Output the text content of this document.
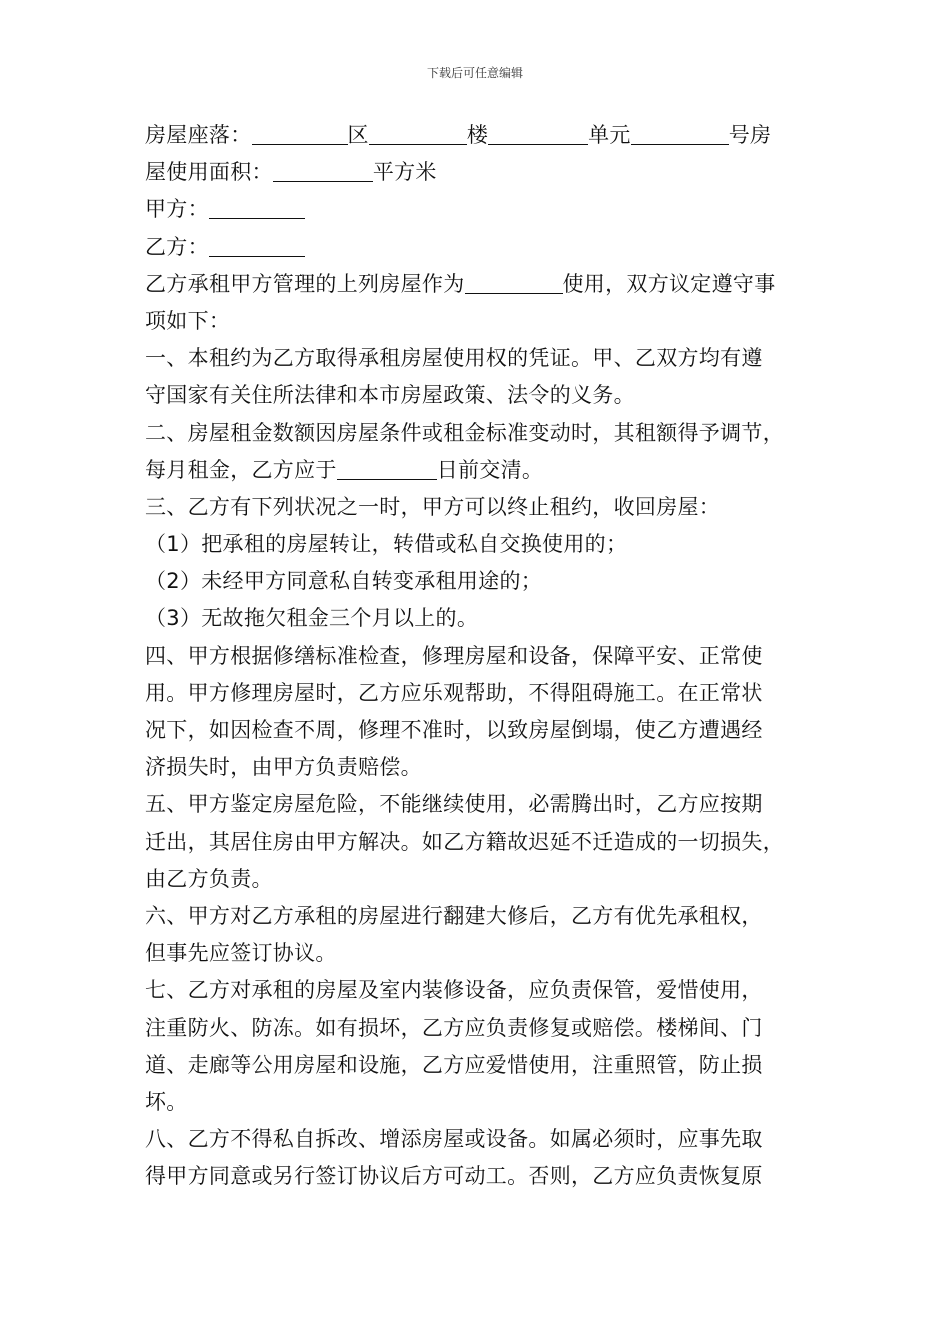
下载后可任意编辑
房屋座落：	区	楼	单元	号房
屋使用面积：	平方米
甲方：
乙方：
乙方承租甲方管理的上列房屋作为	使用，双方议定遵守事
项如下：
一、本租约为乙方取得承租房屋使用权的凭证。甲、乙双方均有遵
守国家有关住所法律和本市房屋政策、法令的义务。
二、房屋租金数额因房屋条件或租金标准变动时，其租额得予调节，
每月租金，乙方应于	日前交清。
三、乙方有下列状况之一时，甲方可以终止租约，收回房屋：
（1）把承租的房屋转让，转借或私自交换使用的；
（2）未经甲方同意私自转变承租用途的；
（3）无故拖欠租金三个月以上的。
四、甲方根据修缮标准检查，修理房屋和设备，保障平安、正常使
用。甲方修理房屋时，乙方应乐观帮助，不得阻碍施工。在正常状
况下，如因检查不周，修理不准时，以致房屋倒塌，使乙方遭遇经
济损失时，由甲方负责赔偿。
五、甲方鉴定房屋危险，不能继续使用，必需腾出时，乙方应按期
迁出，其居住房由甲方解决。如乙方籍故迟延不迁造成的一切损失，
由乙方负责。
六、甲方对乙方承租的房屋进行翻建大修后，乙方有优先承租权，
但事先应签订协议。
七、乙方对承租的房屋及室内装修设备，应负责保管，爱惜使用，
注重防火、防冻。如有损坏，乙方应负责修复或赔偿。楼梯间、门
道、走廊等公用房屋和设施，乙方应爱惜使用，注重照管，防止损
坏。
八、乙方不得私自拆改、增添房屋或设备。如属必须时，应事先取
得甲方同意或另行签订协议后方可动工。否则，乙方应负责恢复原
